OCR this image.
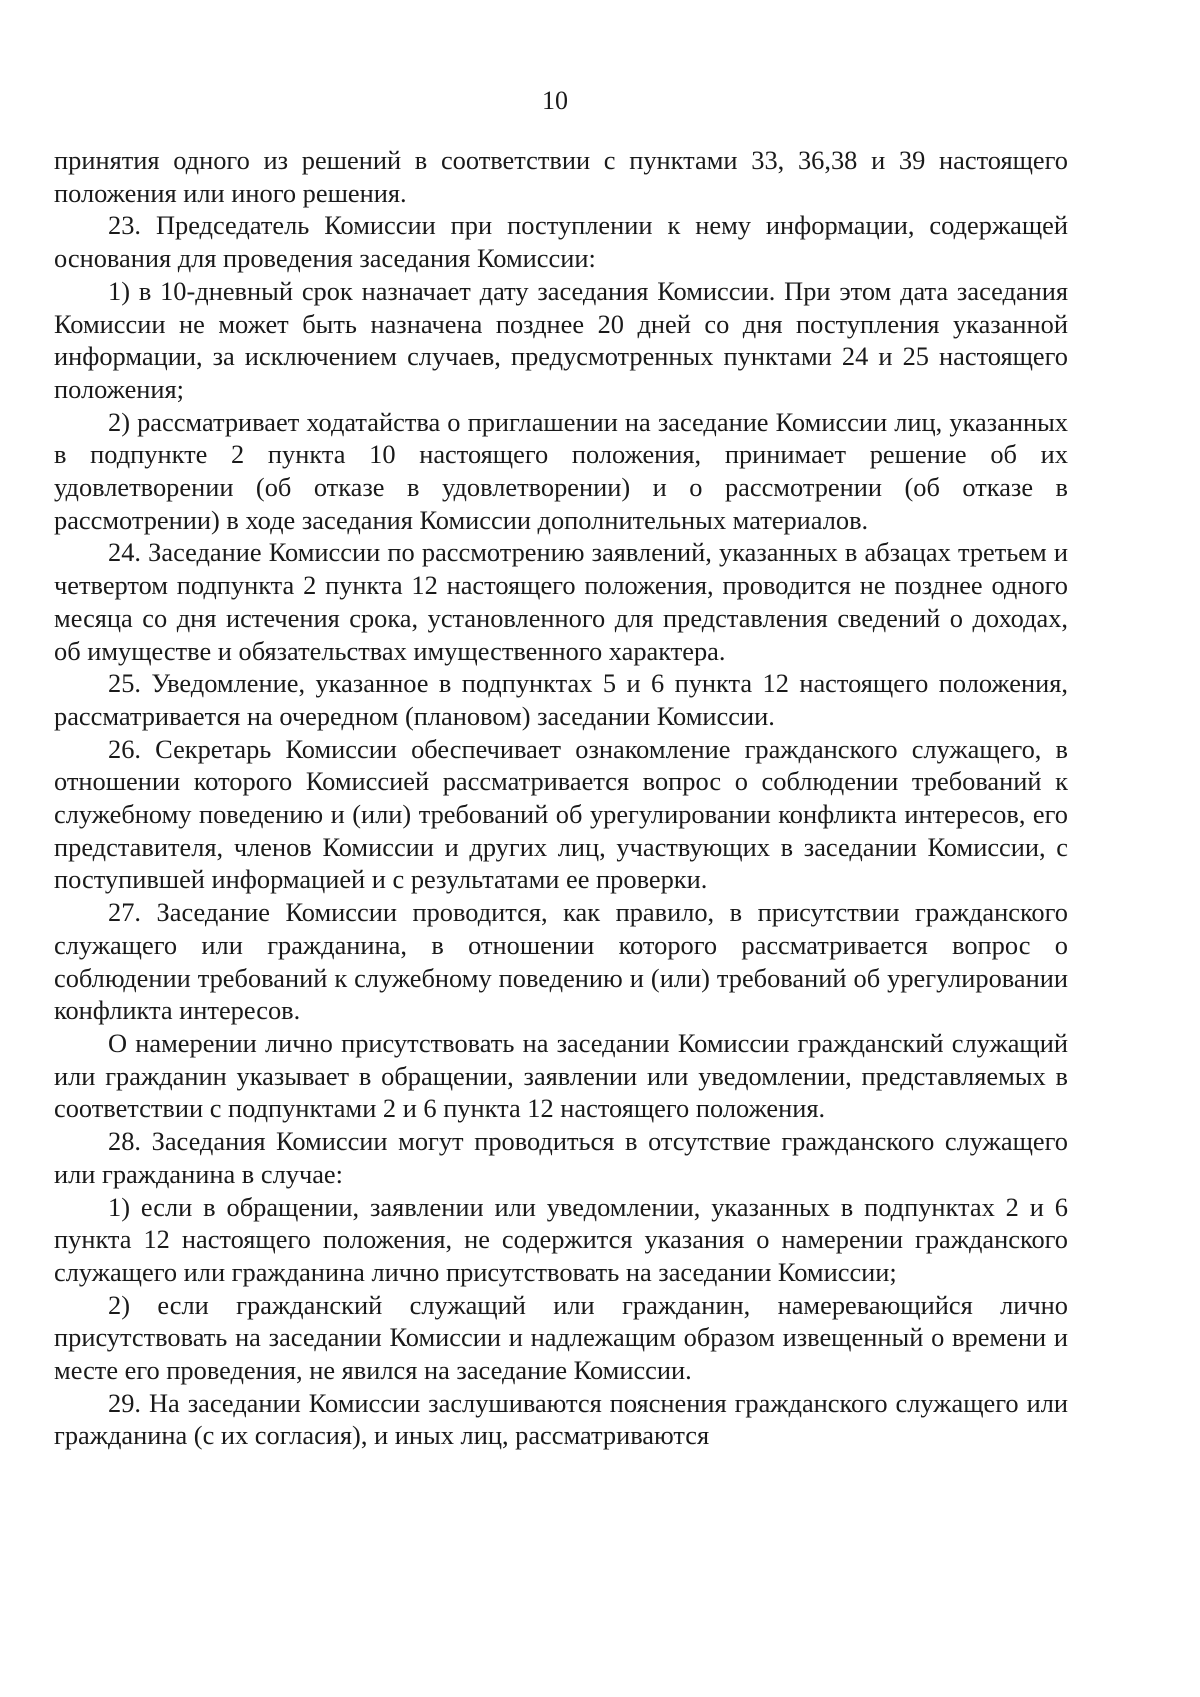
10

принятия одного из решений в соответствии с пунктами 33, 36,38 и 39 настоящего положения или иного решения.

23. Председатель Комиссии при поступлении к нему информации, содержащей основания для проведения заседания Комиссии:

1) в 10-дневный срок назначает дату заседания Комиссии. При этом дата заседания Комиссии не может быть назначена позднее 20 дней со дня поступления указанной информации, за исключением случаев, предусмотренных пунктами 24 и 25 настоящего положения;

2) рассматривает ходатайства о приглашении на заседание Комиссии лиц, указанных в подпункте 2 пункта 10 настоящего положения, принимает решение об их удовлетворении (об отказе в удовлетворении) и о рассмотрении (об отказе в рассмотрении) в ходе заседания Комиссии дополнительных материалов.

24. Заседание Комиссии по рассмотрению заявлений, указанных в абзацах третьем и четвертом подпункта 2 пункта 12 настоящего положения, проводится не позднее одного месяца со дня истечения срока, установленного для представления сведений о доходах, об имуществе и обязательствах имущественного характера.

25. Уведомление, указанное в подпунктах 5 и 6 пункта 12 настоящего положения, рассматривается на очередном (плановом) заседании Комиссии.

26. Секретарь Комиссии обеспечивает ознакомление гражданского служащего, в отношении которого Комиссией рассматривается вопрос о соблюдении требований к служебному поведению и (или) требований об урегулировании конфликта интересов, его представителя, членов Комиссии и других лиц, участвующих в заседании Комиссии, с поступившей информацией и с результатами ее проверки.

27. Заседание Комиссии проводится, как правило, в присутствии гражданского служащего или гражданина, в отношении которого рассматривается вопрос о соблюдении требований к служебному поведению и (или) требований об урегулировании конфликта интересов.

О намерении лично присутствовать на заседании Комиссии гражданский служащий или гражданин указывает в обращении, заявлении или уведомлении, представляемых в соответствии с подпунктами 2 и 6 пункта 12 настоящего положения.

28. Заседания Комиссии могут проводиться в отсутствие гражданского служащего или гражданина в случае:

1) если в обращении, заявлении или уведомлении, указанных в подпунктах 2 и 6 пункта 12 настоящего положения, не содержится указания о намерении гражданского служащего или гражданина лично присутствовать на заседании Комиссии;

2) если гражданский служащий или гражданин, намеревающийся лично присутствовать на заседании Комиссии и надлежащим образом извещенный о времени и месте его проведения, не явился на заседание Комиссии.

29. На заседании Комиссии заслушиваются пояснения гражданского служащего или гражданина (с их согласия), и иных лиц, рассматриваются
